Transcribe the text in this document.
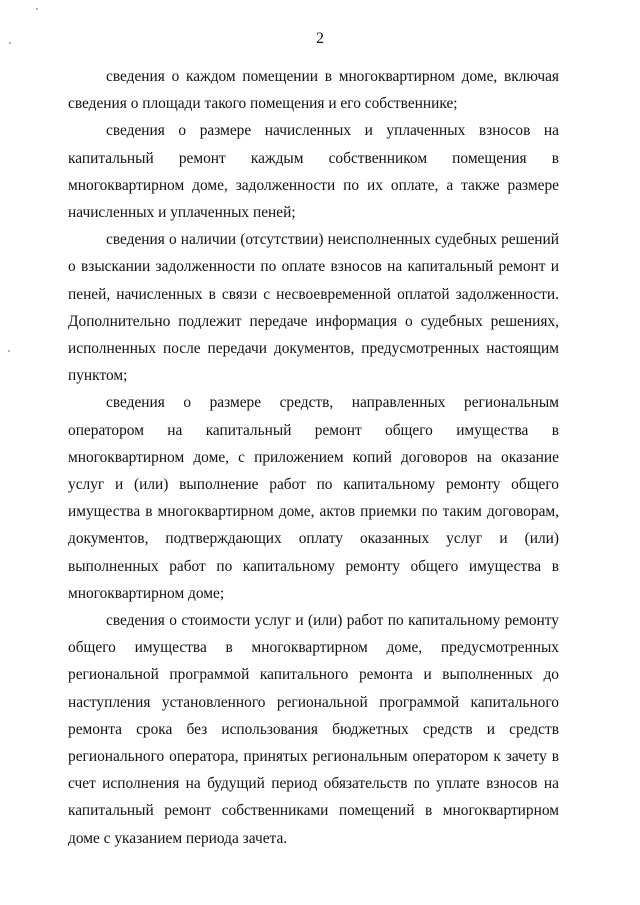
2

сведения о каждом помещении в многоквартирном доме, включая сведения о площади такого помещения и его собственнике;

сведения о размере начисленных и уплаченных взносов на капитальный ремонт каждым собственником помещения в многоквартирном доме, задолженности по их оплате, а также размере начисленных и уплаченных пеней;

сведения о наличии (отсутствии) неисполненных судебных решений о взыскании задолженности по оплате взносов на капитальный ремонт и пеней, начисленных в связи с несвоевременной оплатой задолженности. Дополнительно подлежит передаче информация о судебных решениях, исполненных после передачи документов, предусмотренных настоящим пунктом;

сведения о размере средств, направленных региональным оператором на капитальный ремонт общего имущества в многоквартирном доме, с приложением копий договоров на оказание услуг и (или) выполнение работ по капитальному ремонту общего имущества в многоквартирном доме, актов приемки по таким договорам, документов, подтверждающих оплату оказанных услуг и (или) выполненных работ по капитальному ремонту общего имущества в многоквартирном доме;

сведения о стоимости услуг и (или) работ по капитальному ремонту общего имущества в многоквартирном доме, предусмотренных региональной программой капитального ремонта и выполненных до наступления установленного региональной программой капитального ремонта срока без использования бюджетных средств и средств регионального оператора, принятых региональным оператором к зачету в счет исполнения на будущий период обязательств по уплате взносов на капитальный ремонт собственниками помещений в многоквартирном доме с указанием периода зачета.
